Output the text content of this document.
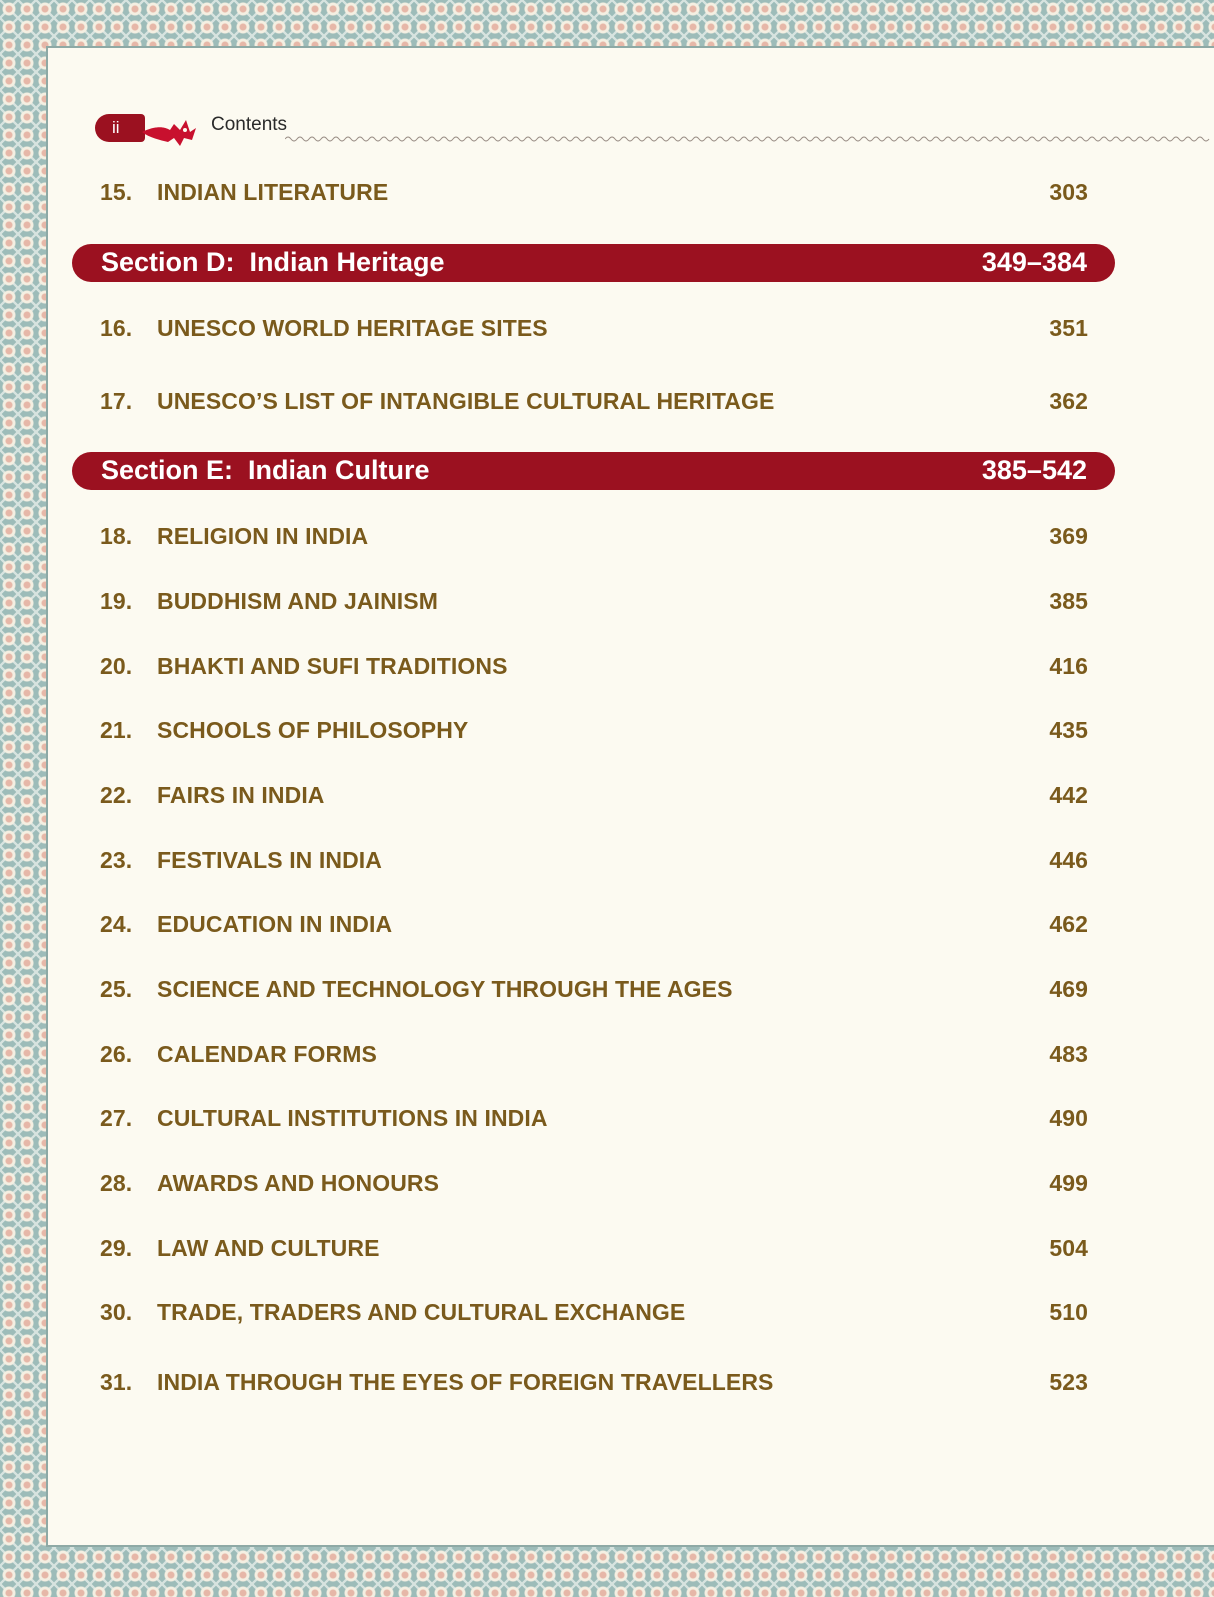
ii	Contents
15. INDIAN LITERATURE	303
Section D:  Indian Heritage	349–384
16. UNESCO WORLD HERITAGE SITES	351
17. UNESCO’S LIST OF INTANGIBLE CULTURAL HERITAGE	362
Section E:  Indian Culture	385–542
18. RELIGION IN INDIA	369
19. BUDDHISM AND JAINISM	385
20. BHAKTI AND SUFI TRADITIONS	416
21. SCHOOLS OF PHILOSOPHY	435
22. FAIRS IN INDIA	442
23. FESTIVALS IN INDIA	446
24. EDUCATION IN INDIA	462
25. SCIENCE AND TECHNOLOGY THROUGH THE AGES	469
26. CALENDAR FORMS	483
27. CULTURAL INSTITUTIONS IN INDIA	490
28. AWARDS AND HONOURS	499
29. LAW AND CULTURE	504
30. TRADE, TRADERS AND CULTURAL EXCHANGE	510
31. INDIA THROUGH THE EYES OF FOREIGN TRAVELLERS	523
